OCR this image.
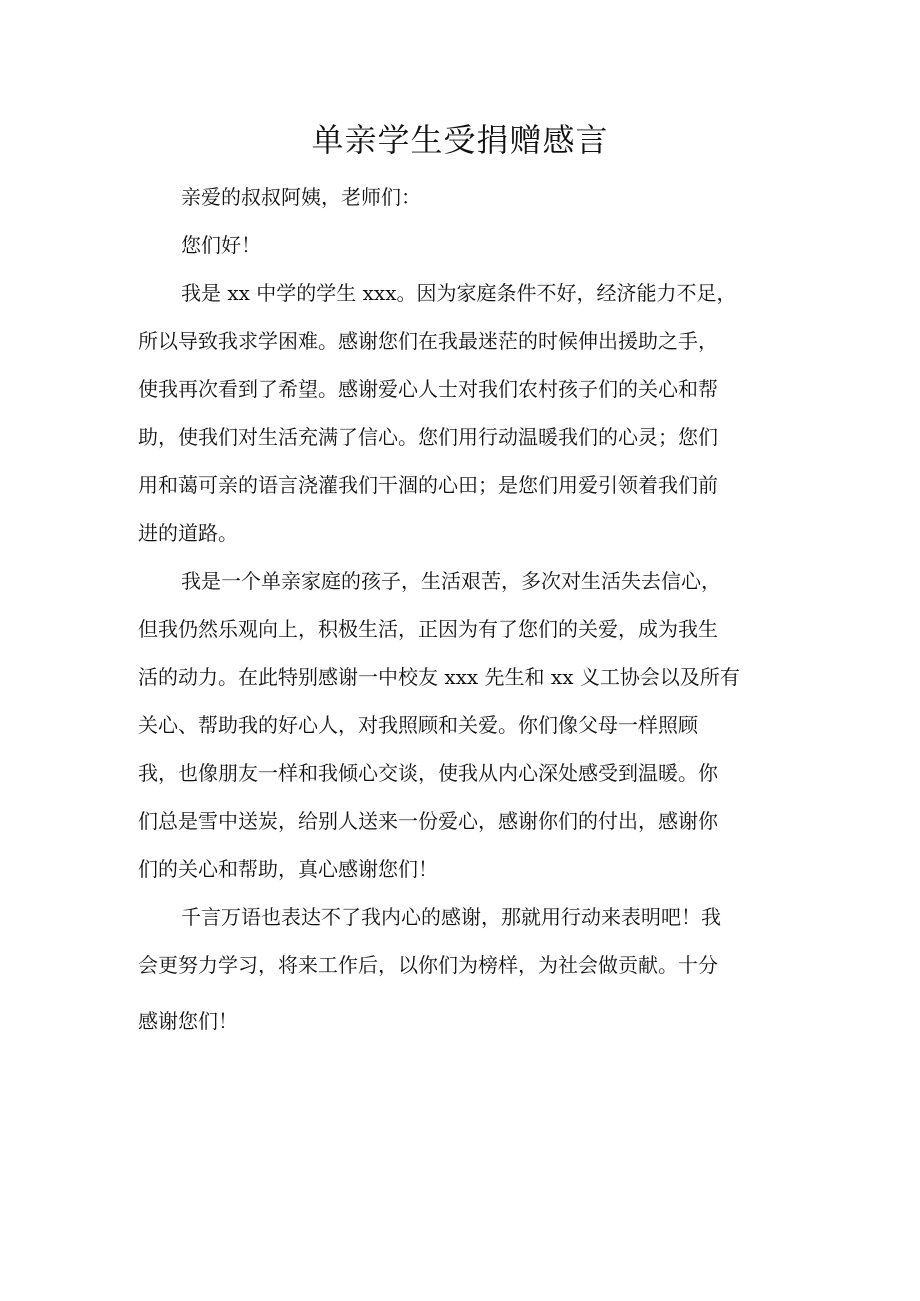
单亲学生受捐赠感言

亲爱的叔叔阿姨，老师们：

您们好！

我是 xx 中学的学生 xxx。因为家庭条件不好，经济能力不足，

所以导致我求学困难。感谢您们在我最迷茫的时候伸出援助之手，

使我再次看到了希望。感谢爱心人士对我们农村孩子们的关心和帮

助，使我们对生活充满了信心。您们用行动温暖我们的心灵；您们

用和蔼可亲的语言浇灌我们干涸的心田；是您们用爱引领着我们前

进的道路。

我是一个单亲家庭的孩子，生活艰苦，多次对生活失去信心，

但我仍然乐观向上，积极生活，正因为有了您们的关爱，成为我生

活的动力。在此特别感谢一中校友 xxx 先生和 xx 义工协会以及所有

关心、帮助我的好心人，对我照顾和关爱。你们像父母一样照顾

我，也像朋友一样和我倾心交谈，使我从内心深处感受到温暖。你

们总是雪中送炭，给别人送来一份爱心，感谢你们的付出，感谢你

们的关心和帮助，真心感谢您们！

千言万语也表达不了我内心的感谢，那就用行动来表明吧！我

会更努力学习，将来工作后，以你们为榜样，为社会做贡献。十分

感谢您们！
